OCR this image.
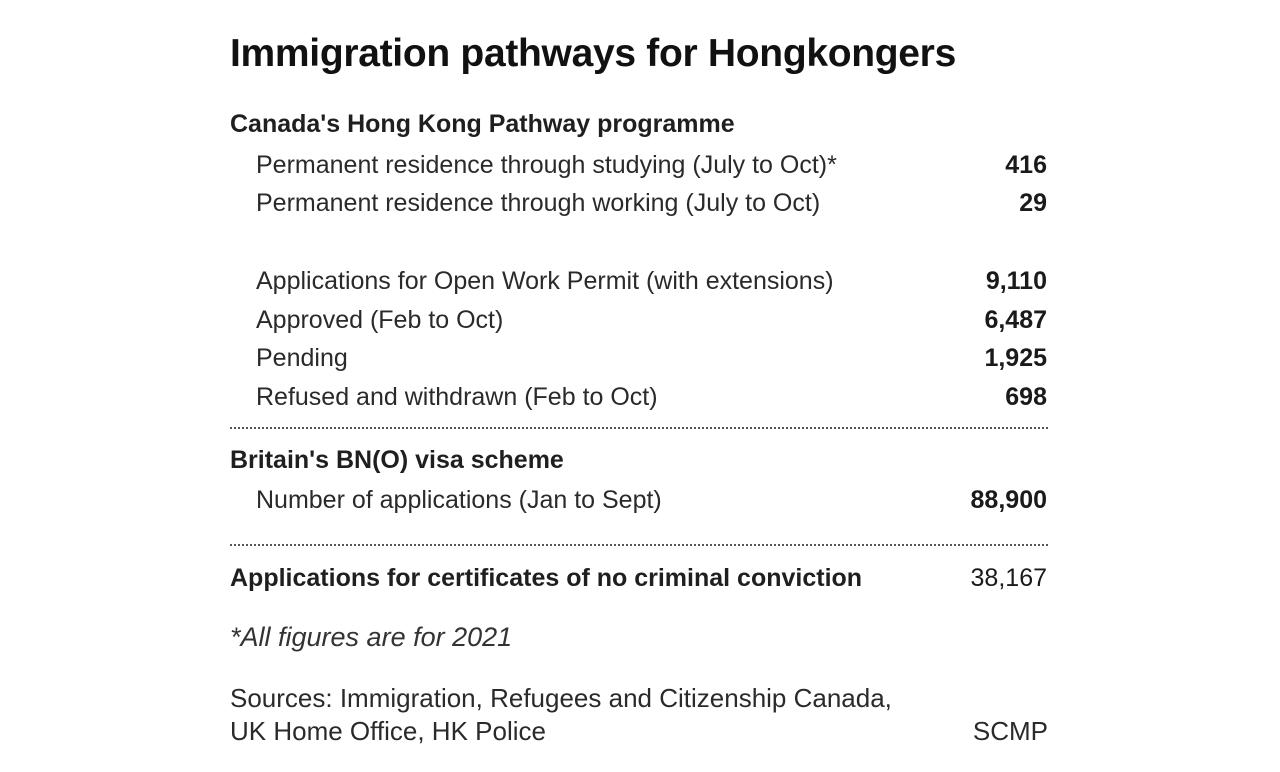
Immigration pathways for Hongkongers
Canada's Hong Kong Pathway programme
Permanent residence through studying (July to Oct)*	416
Permanent residence through working (July to Oct)	29
Applications for Open Work Permit (with extensions)	9,110
Approved (Feb to Oct)	6,487
Pending	1,925
Refused and withdrawn (Feb to Oct)	698
Britain's BN(O) visa scheme
Number of applications (Jan to Sept)	88,900
Applications for certificates of no criminal conviction	38,167
*All figures are for 2021
Sources: Immigration, Refugees and Citizenship Canada,
UK Home Office, HK Police	SCMP
